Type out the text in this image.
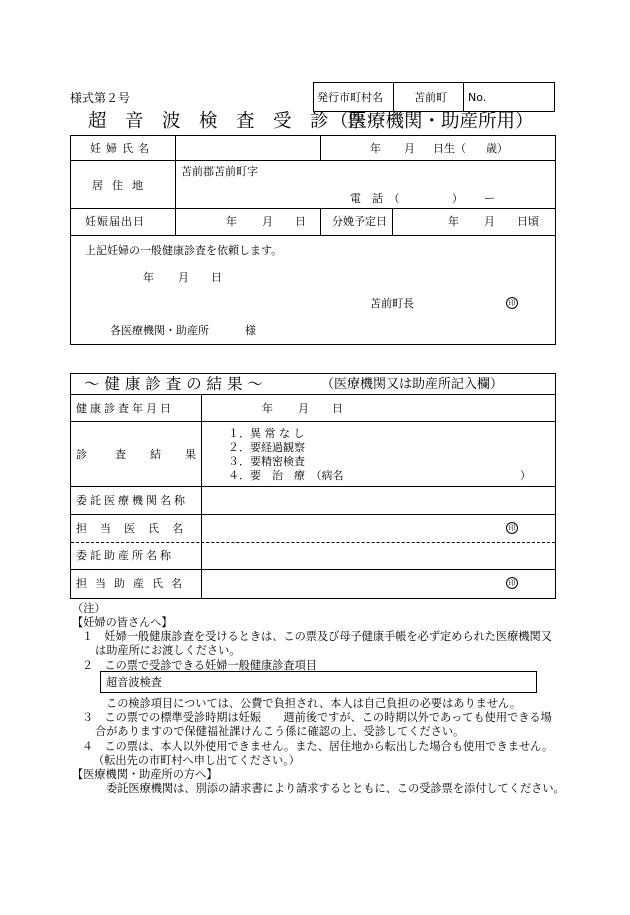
様式第２号	発行市町村名	苫前町 No.
超　音　波　検　査　受　診　票
（医療機関・助産所用）
妊婦氏名	年 月 日生（ 歳）
居住地
苫前郡苫前町字
電　話　（	） ー
妊娠届出日	年 月 日 分娩予定日	年 月 日頃
上記妊婦の一般健康診査を依頼します。
年 月 日
苫前町長	印
各医療機関・助産所	様
～ 健 康 診 査 の 結 果 ～	（医療機関又は助産所記入欄）
健康診査年月日	年 月 日
診	査 結 果
１．異 常 な し
２．要経過観察
３．要精密検査
４．要　治　療　（病名	）
委託医療機関名称
担当医氏名	印
委託助産所名称
担当助産氏名	印
（注）
【妊婦の皆さんへ】
１　妊婦一般健康診査を受けるときは、この票及び母子健康手帳を必ず定められた医療機関又
は助産所にお渡しください。
２　この票で受診できる妊婦一般健康診査項目
超音波検査
この検診項目については、公費で負担され、本人は自己負担の必要はありません。
３　この票での標準受診時期は妊娠　　週前後ですが、この時期以外であっても使用できる場
合がありますので保健福祉課けんこう係に確認の上、受診してください。
４　この票は、本人以外使用できません。また、居住地から転出した場合も使用できません。
（転出先の市町村へ申し出てください。）
【医療機関・助産所の方へ】
委託医療機関は、別添の請求書により請求するとともに、この受診票を添付してください。
